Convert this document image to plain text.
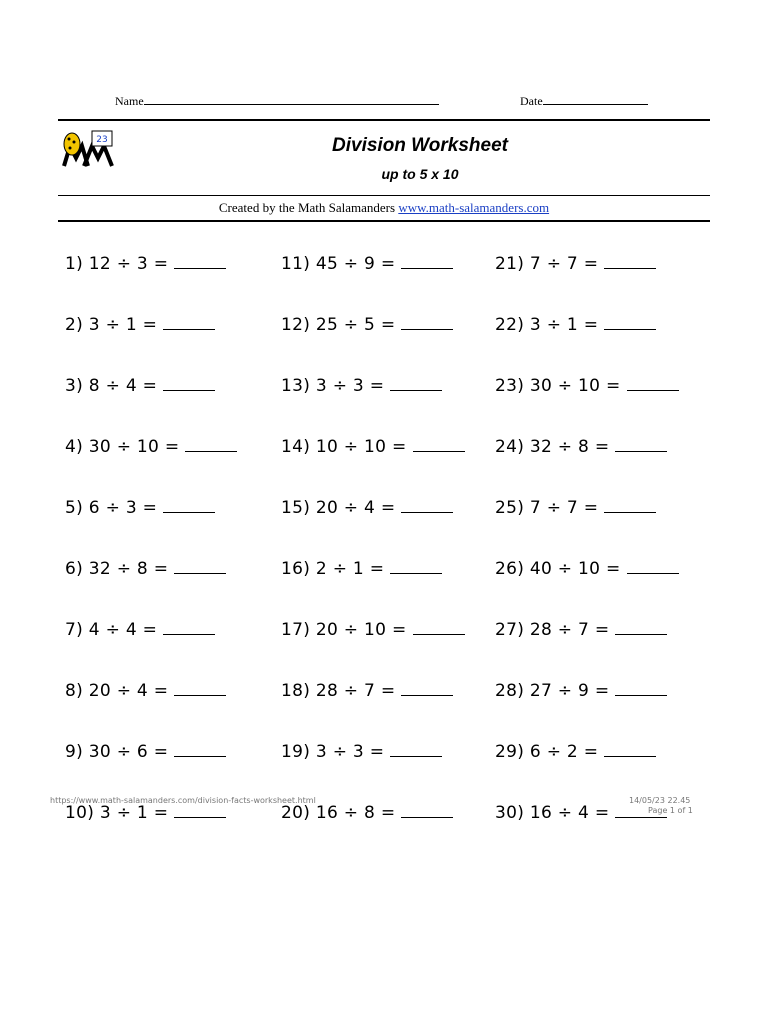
Name	Date
23	Division Worksheet
up to 5 x 10
Created by the Math Salamanders www.math-salamanders.com
1) 12 ÷ 3 =
2) 3 ÷ 1 =
3) 8 ÷ 4 =
4) 30 ÷ 10 =
5) 6 ÷ 3 =
6) 32 ÷ 8 =
7) 4 ÷ 4 =
8) 20 ÷ 4 =
9) 30 ÷ 6 =
10) 3 ÷ 1 =
11) 45 ÷ 9 =
12) 25 ÷ 5 =
13) 3 ÷ 3 =
14) 10 ÷ 10 =
15) 20 ÷ 4 =
16) 2 ÷ 1 =
17) 20 ÷ 10 =
18) 28 ÷ 7 =
19) 3 ÷ 3 =
20) 16 ÷ 8 =
21) 7 ÷ 7 =
22) 3 ÷ 1 =
23) 30 ÷ 10 =
24) 32 ÷ 8 =
25) 7 ÷ 7 =
26) 40 ÷ 10 =
27) 28 ÷ 7 =
28) 27 ÷ 9 =
29) 6 ÷ 2 =
30) 16 ÷ 4 =
https://www.math-salamanders.com/division-facts-worksheet.html	14/05/23 22.45
Page 1 of 1
